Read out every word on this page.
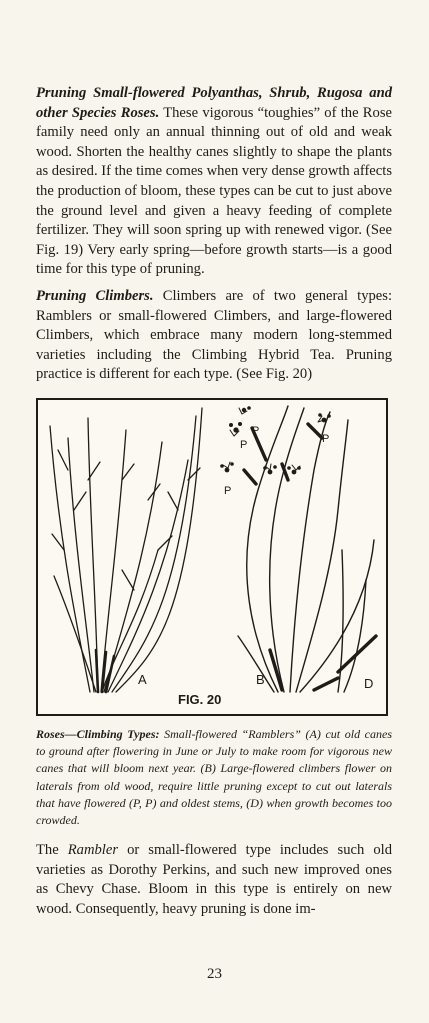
Pruning Small-flowered Polyanthas, Shrub, Rugosa and other Species Roses. These vigorous “toughies” of the Rose family need only an annual thinning out of old and weak wood. Shorten the healthy canes slightly to shape the plants as desired. If the time comes when very dense growth affects the production of bloom, these types can be cut to just above the ground level and given a heavy feeding of complete fertilizer. They will soon spring up with renewed vigor. (See Fig. 19) Very early spring—before growth starts—is a good time for this type of pruning.

Pruning Climbers. Climbers are of two general types: Ramblers or small-flowered Climbers, and large-flowered Climbers, which embrace many modern long-stemmed varieties including the Climbing Hybrid Tea. Pruning practice is different for each type. (See Fig. 20)

A	B	D
P
P
P
P
FIG. 20

Roses—Climbing Types: Small-flowered “Ramblers” (A) cut old canes to ground after flowering in June or July to make room for vigorous new canes that will bloom next year. (B) Large-flowered climbers flower on laterals from old wood, require little pruning except to cut out laterals that have flowered (P, P) and oldest stems, (D) when growth becomes too crowded.

The Rambler or small-flowered type includes such old varieties as Dorothy Perkins, and such new improved ones as Chevy Chase. Bloom in this type is entirely on new wood. Consequently, heavy pruning is done im-

23
